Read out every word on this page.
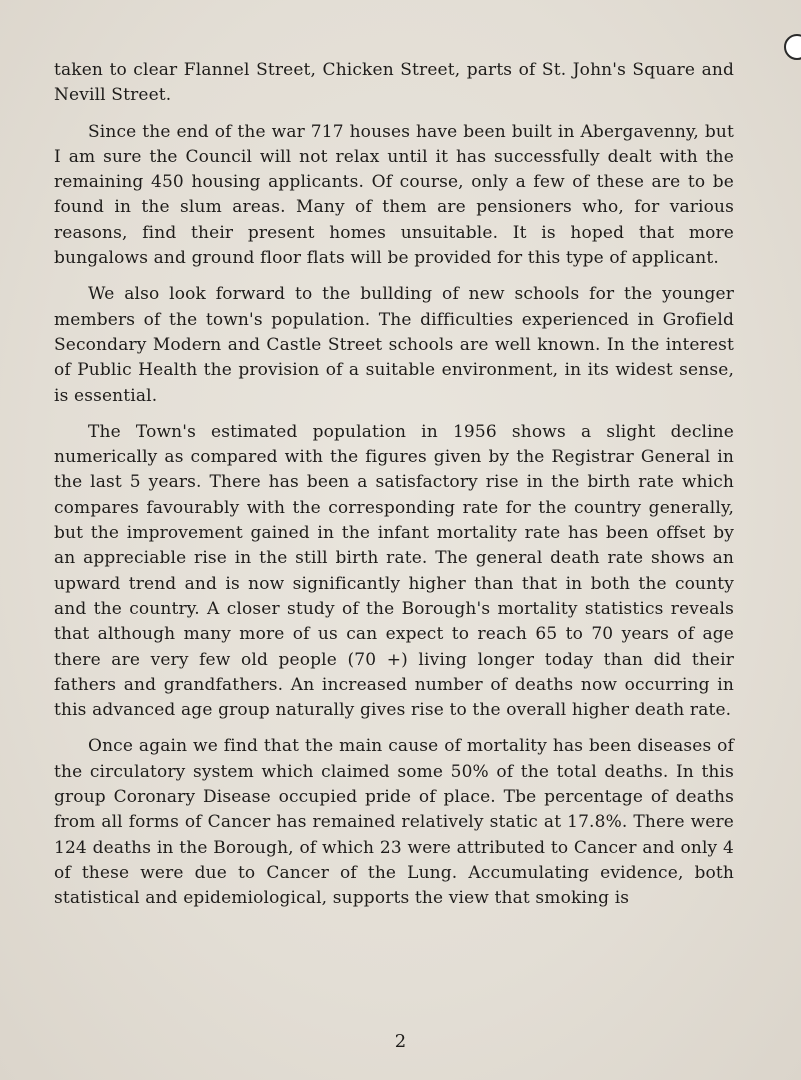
taken to clear Flannel Street, Chicken Street, parts of St. John's Square and Nevill Street.

Since the end of the war 717 houses have been built in Abergavenny, but I am sure the Council will not relax until it has successfully dealt with the remaining 450 housing applicants. Of course, only a few of these are to be found in the slum areas. Many of them are pensioners who, for various reasons, find their present homes unsuitable. It is hoped that more bungalows and ground floor flats will be provided for this type of applicant.

We also look forward to the bullding of new schools for the younger members of the town's population. The difficulties experienced in Grofield Secondary Modern and Castle Street schools are well known. In the interest of Public Health the provision of a suitable environment, in its widest sense, is essential.

The Town's estimated population in 1956 shows a slight decline numerically as compared with the figures given by the Registrar General in the last 5 years. There has been a satisfactory rise in the birth rate which compares favourably with the corresponding rate for the country generally, but the improvement gained in the infant mortality rate has been offset by an appreciable rise in the still birth rate. The general death rate shows an upward trend and is now significantly higher than that in both the county and the country. A closer study of the Borough's mortality statistics reveals that although many more of us can expect to reach 65 to 70 years of age there are very few old people (70 +) living longer today than did their fathers and grandfathers. An increased number of deaths now occurring in this advanced age group naturally gives rise to the overall higher death rate.

Once again we find that the main cause of mortality has been diseases of the circulatory system which claimed some 50% of the total deaths. In this group Coronary Disease occupied pride of place. Tbe percentage of deaths from all forms of Cancer has remained relatively static at 17.8%. There were 124 deaths in the Borough, of which 23 were attributed to Cancer and only 4 of these were due to Cancer of the Lung. Accumulating evidence, both statistical and epidemiological, supports the view that smoking is

2
